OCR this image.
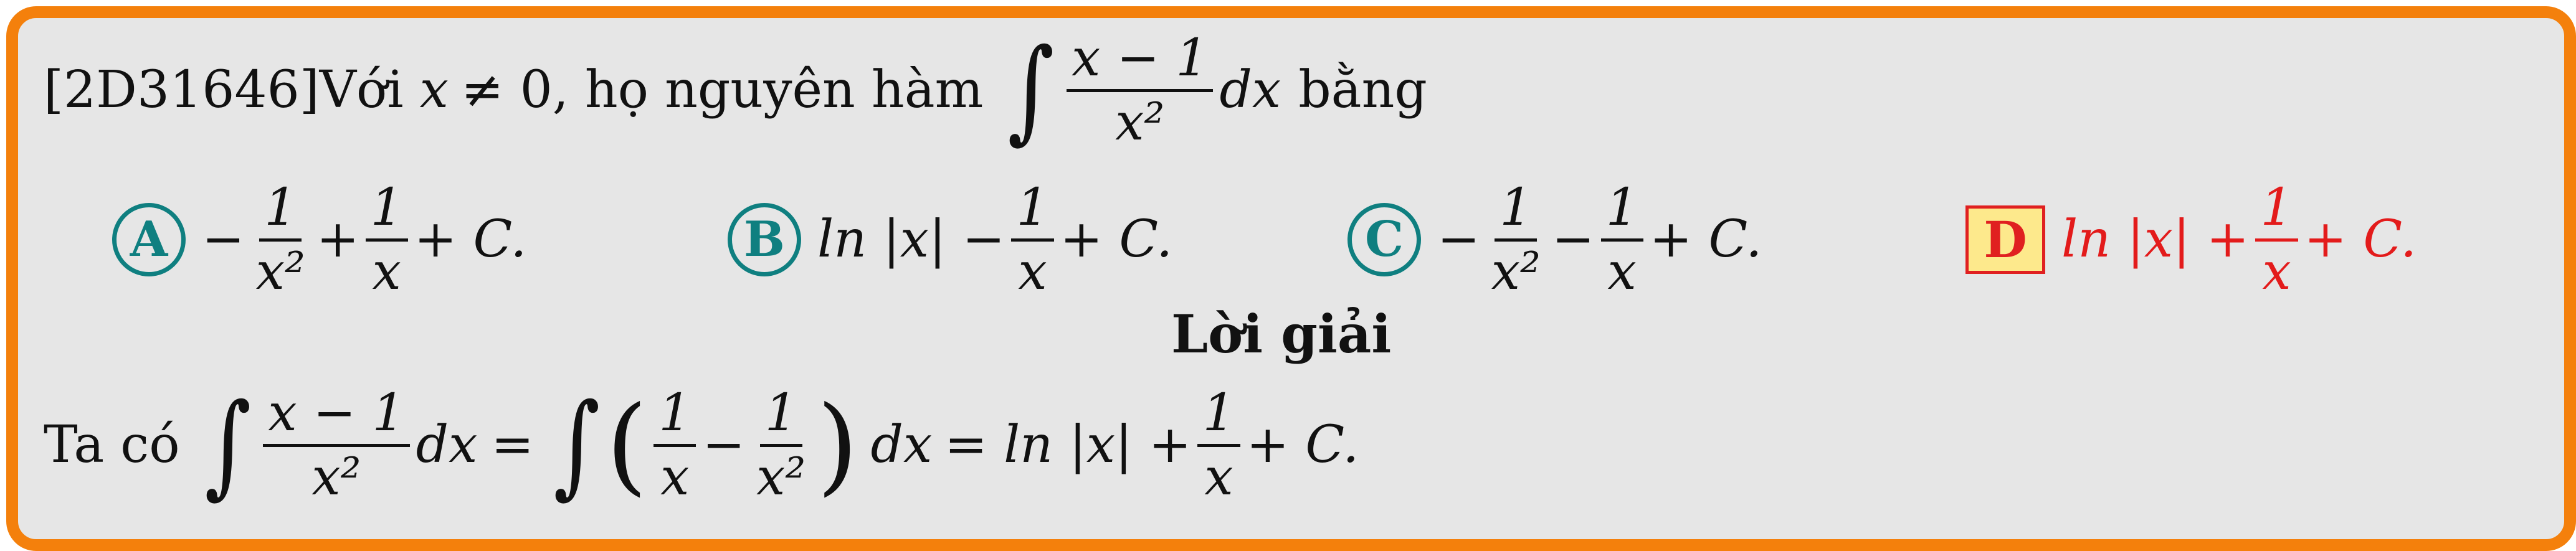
[2D31646] Với x ≠ 0, họ nguyên hàm ∫ $\frac{x - 1}{\text{x²}}$ dx bằng
$A - \frac{1}{\text{x²}} + \frac{1}{x} + C$.	B $\ln |x| - \frac{1}{x} + C$.	$C - \frac{1}{\text{x²}} - \frac{1}{x} + C$.	D $\ln |x| + \frac{1}{x} + C$.
Lời giải
Ta có ∫ $\frac{x - 1}{\text{x²}}$ dx = ∫ ( $\frac{1}{x} - \frac{1}{\text{x²}}$ ) dx = $\ln |x| + \frac{1}{x} + C$.
